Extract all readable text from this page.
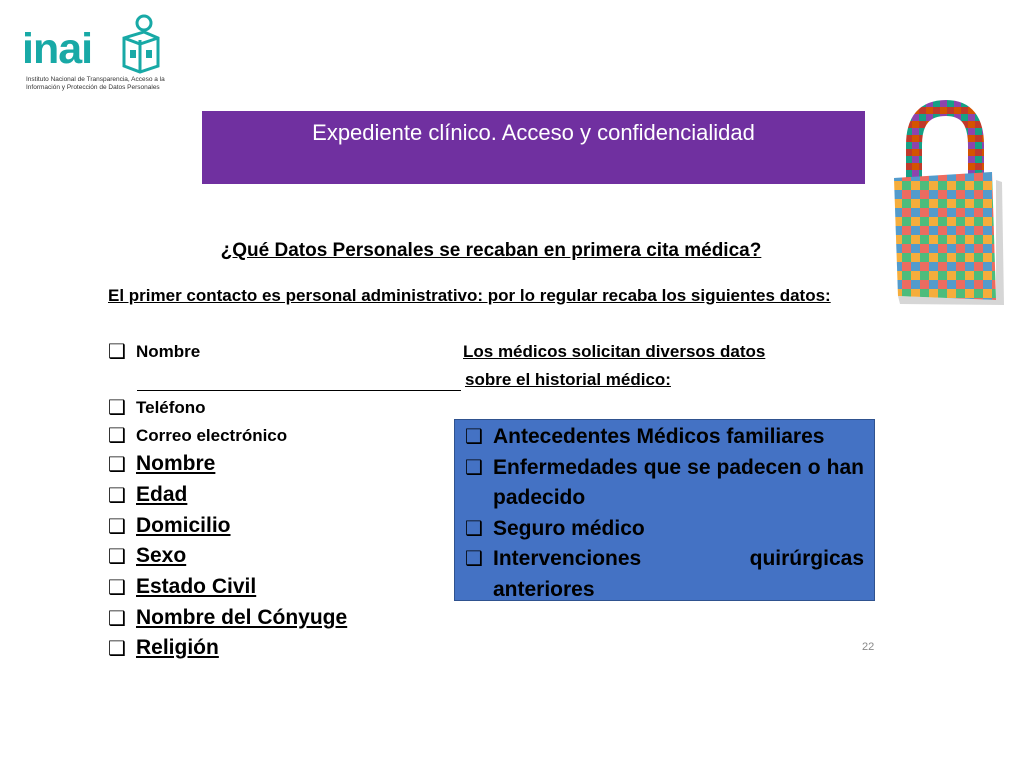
inai
Instituto Nacional de Transparencia, Acceso a la Información y Protección de Datos Personales
Expediente clínico. Acceso y confidencialidad
¿Qué Datos Personales se recaban en primera cita médica?
El primer contacto es personal administrativo: por lo regular recaba los siguientes datos:
❑ Nombre
❑ Teléfono
❑ Correo electrónico
❑ Nombre
❑ Edad
❑ Domicilio
❑ Sexo
❑ Estado Civil
❑ Nombre del Cónyuge
❑ Religión
Los médicos solicitan diversos datos
sobre el historial médico:
❑ Antecedentes Médicos familiares
❑ Enfermedades que se padecen o han padecido
❑ Seguro médico
❑ Intervenciones quirúrgicas anteriores
22
